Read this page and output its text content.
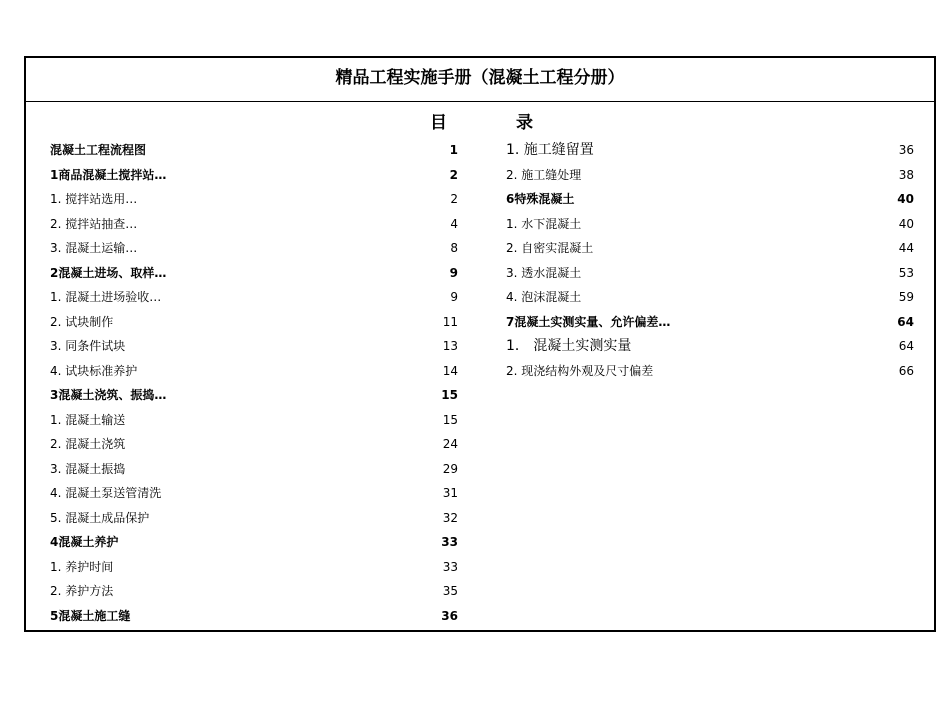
精品工程实施手册（混凝土工程分册）
目	录
混凝土工程流程图	1
1商品混凝土搅拌站…	2
1. 搅拌站选用…	2
2. 搅拌站抽查…	4
3. 混凝土运输…	8
2混凝土进场、取样…	9
1. 混凝土进场验收…	9
2. 试块制作	11
3. 同条件试块	13
4. 试块标准养护	14
3混凝土浇筑、振捣…	15
1. 混凝土输送	15
2. 混凝土浇筑	24
3. 混凝土振捣	29
4. 混凝土泵送管清洗	31
5. 混凝土成品保护	32
4混凝土养护	33
1. 养护时间	33
2. 养护方法	35
5混凝土施工缝	36
1. 施工缝留置	36
2. 施工缝处理	38
6特殊混凝土	40
1. 水下混凝土	40
2. 自密实混凝土	44
3. 透水混凝土	53
4. 泡沫混凝土	59
7混凝土实测实量、允许偏差…	64
1． 混凝土实测实量	64
2. 现浇结构外观及尺寸偏差	66
